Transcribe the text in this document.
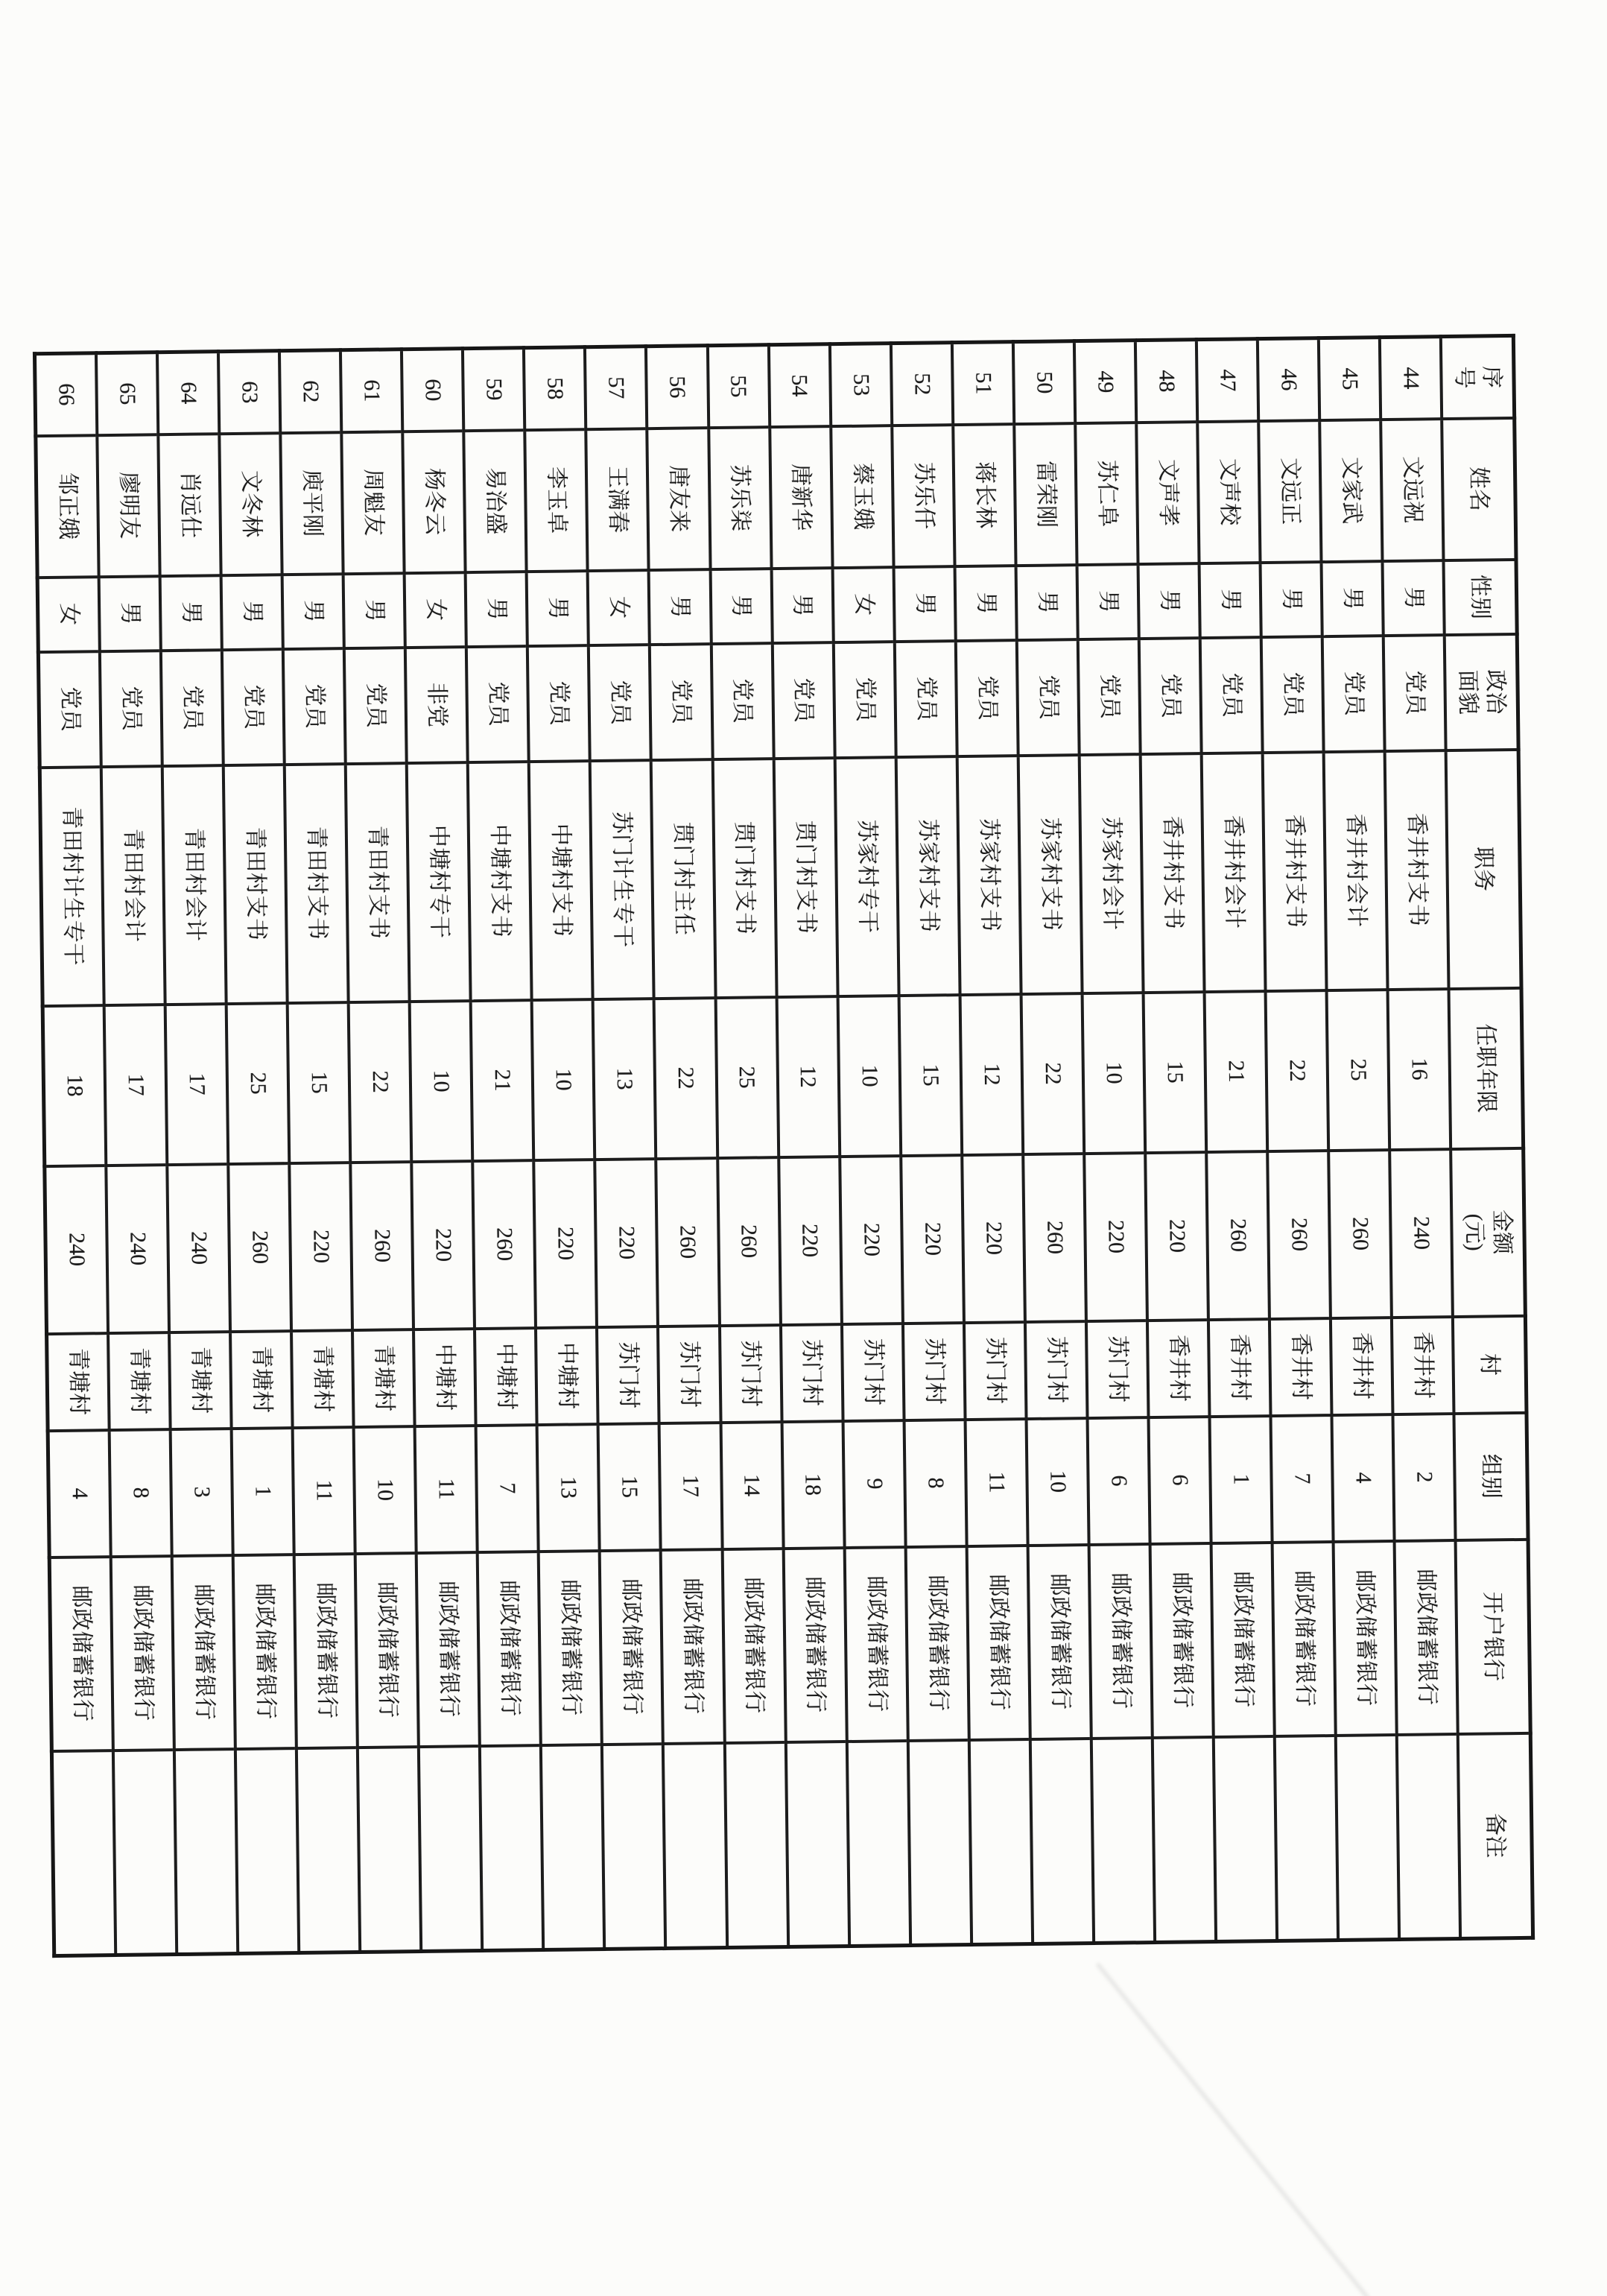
序号	姓名	性别	政治面貌	职务	任职年限	金额(元)	村	组别	开户银行	备注
44	文远祝	男	党员	香井村支书	16	240	香井村	2	邮政储蓄银行	
45	文家武	男	党员	香井村会计	25	260	香井村	4	邮政储蓄银行	
46	文远正	男	党员	香井村支书	22	260	香井村	7	邮政储蓄银行	
47	文声校	男	党员	香井村会计	21	260	香井村	1	邮政储蓄银行	
48	文声孝	男	党员	香井村支书	15	220	香井村	6	邮政储蓄银行	
49	苏仁阜	男	党员	苏家村会计	10	220	苏门村	6	邮政储蓄银行	
50	雷荣刚	男	党员	苏家村支书	22	260	苏门村	10	邮政储蓄银行	
51	蒋长林	男	党员	苏家村支书	12	220	苏门村	11	邮政储蓄银行	
52	苏乐仟	男	党员	苏家村支书	15	220	苏门村	8	邮政储蓄银行	
53	蔡玉娥	女	党员	苏家村专干	10	220	苏门村	9	邮政储蓄银行	
54	唐新华	男	党员	贯门村支书	12	220	苏门村	18	邮政储蓄银行	
55	苏乐柒	男	党员	贯门村支书	25	260	苏门村	14	邮政储蓄银行	
56	唐友来	男	党员	贯门村主任	22	260	苏门村	17	邮政储蓄银行	
57	王满春	女	党员	苏门计生专干	13	220	苏门村	15	邮政储蓄银行	
58	李玉卓	男	党员	中塘村支书	10	220	中塘村	13	邮政储蓄银行	
59	易治盛	男	党员	中塘村支书	21	260	中塘村	7	邮政储蓄银行	
60	杨冬云	女	非党	中塘村专干	10	220	中塘村	11	邮政储蓄银行	
61	周魁友	男	党员	青田村支书	22	260	青塘村	10	邮政储蓄银行	
62	庾平刚	男	党员	青田村支书	15	220	青塘村	11	邮政储蓄银行	
63	文冬林	男	党员	青田村支书	25	260	青塘村	1	邮政储蓄银行	
64	肖远仕	男	党员	青田村会计	17	240	青塘村	3	邮政储蓄银行	
65	廖明友	男	党员	青田村会计	17	240	青塘村	8	邮政储蓄银行	
66	邹正娥	女	党员	青田村计生专干	18	240	青塘村	4	邮政储蓄银行	
